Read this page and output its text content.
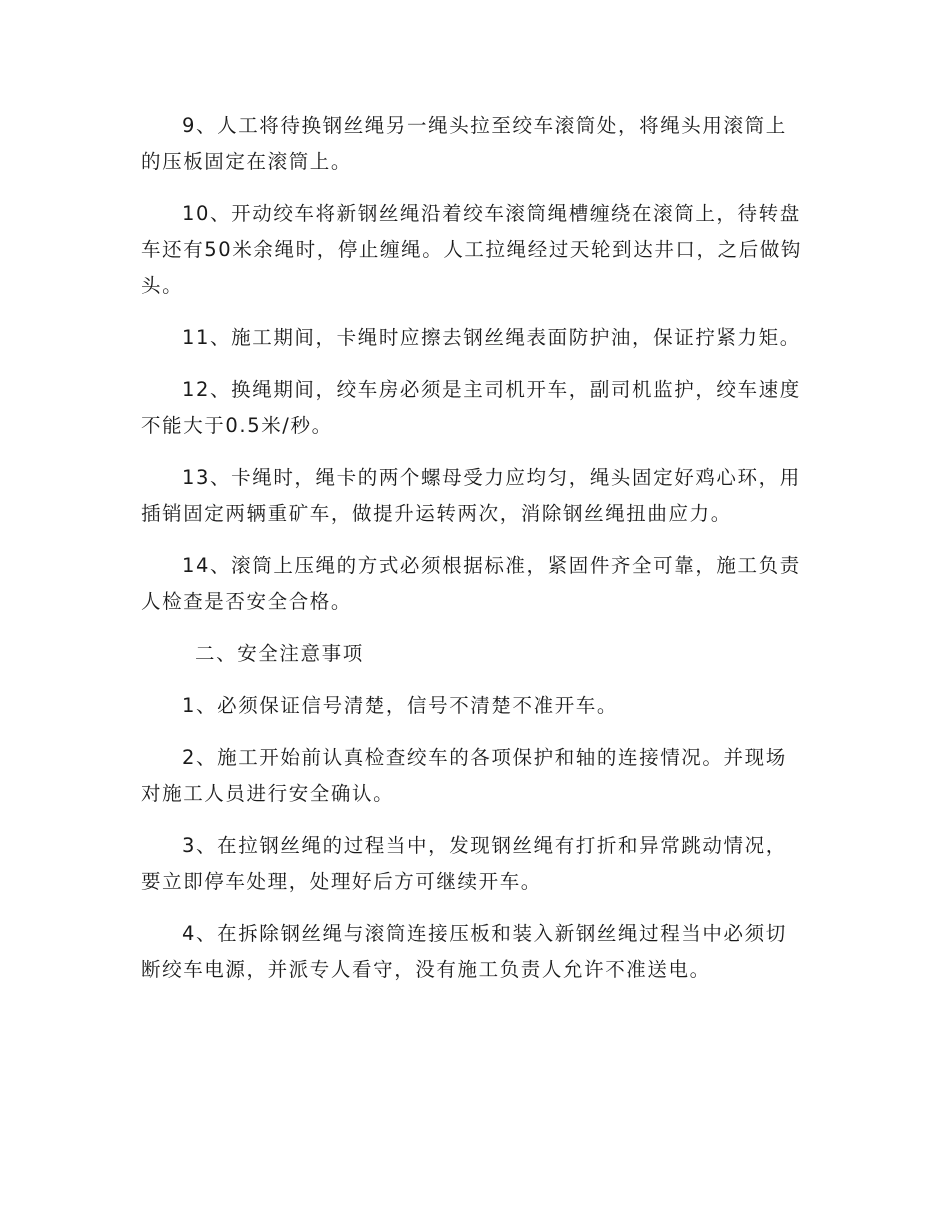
9、人工将待换钢丝绳另一绳头拉至绞车滚筒处，将绳头用滚筒上的压板固定在滚筒上。

10、开动绞车将新钢丝绳沿着绞车滚筒绳槽缠绕在滚筒上，待转盘车还有50米余绳时，停止缠绳。人工拉绳经过天轮到达井口，之后做钩头。

11、施工期间，卡绳时应擦去钢丝绳表面防护油，保证拧紧力矩。

12、换绳期间，绞车房必须是主司机开车，副司机监护，绞车速度不能大于0.5米/秒。

13、卡绳时，绳卡的两个螺母受力应均匀，绳头固定好鸡心环，用插销固定两辆重矿车，做提升运转两次，消除钢丝绳扭曲应力。

14、滚筒上压绳的方式必须根据标准，紧固件齐全可靠，施工负责人检查是否安全合格。

二、安全注意事项

1、必须保证信号清楚，信号不清楚不准开车。

2、施工开始前认真检查绞车的各项保护和轴的连接情况。并现场对施工人员进行安全确认。

3、在拉钢丝绳的过程当中，发现钢丝绳有打折和异常跳动情况，要立即停车处理，处理好后方可继续开车。

4、在拆除钢丝绳与滚筒连接压板和装入新钢丝绳过程当中必须切断绞车电源，并派专人看守，没有施工负责人允许不准送电。
